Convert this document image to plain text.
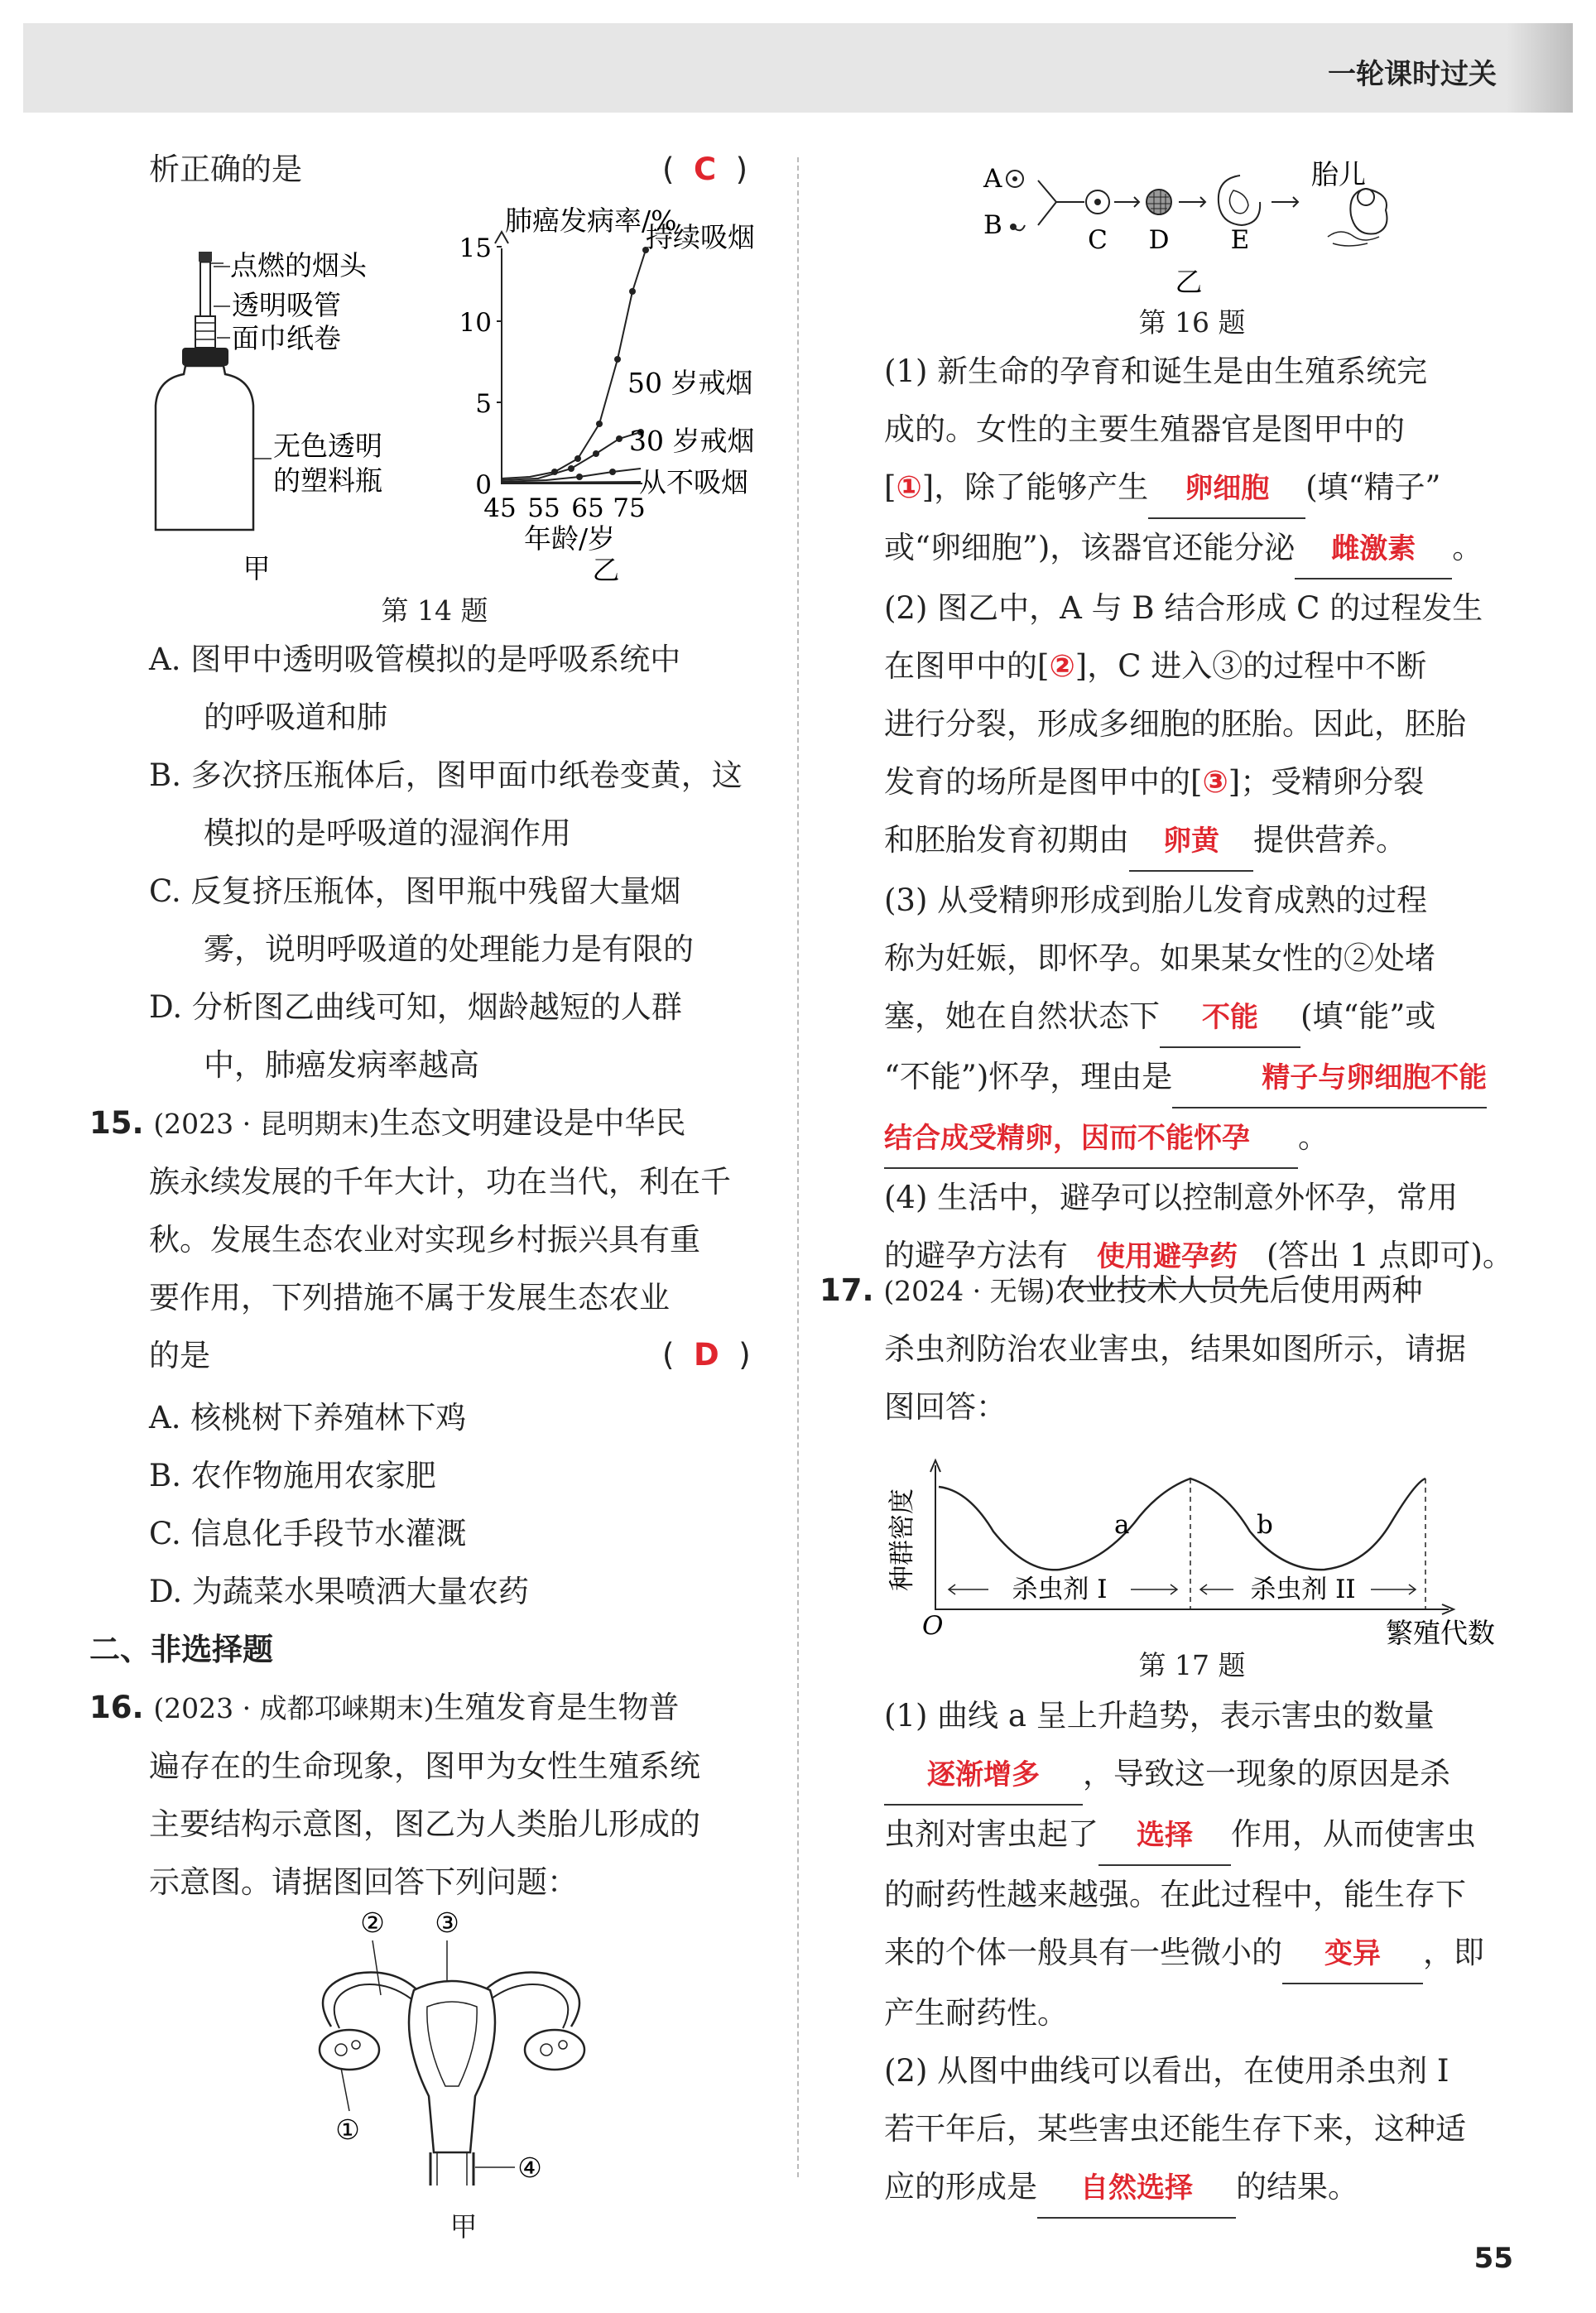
一轮课时过关
析正确的是	(  C  )
点燃的烟头
透明吸管
面巾纸卷
无色透明
的塑料瓶
甲
肺癌发病率/%
15
10
5
0
45 55 65 75
年龄/岁
乙
持续吸烟
50 岁戒烟
30 岁戒烟
从不吸烟
第 14 题
A. 图甲中透明吸管模拟的是呼吸系统中
的呼吸道和肺
B. 多次挤压瓶体后，图甲面巾纸卷变黄，这
模拟的是呼吸道的湿润作用
C. 反复挤压瓶体，图甲瓶中残留大量烟
雾，说明呼吸道的处理能力是有限的
D. 分析图乙曲线可知，烟龄越短的人群
中，肺癌发病率越高
15. (2023 · 昆明期末)生态文明建设是中华民
族永续发展的千年大计，功在当代，利在千
秋。发展生态农业对实现乡村振兴具有重
要作用，下列措施不属于发展生态农业
的是	(  D  )
A. 核桃树下养殖林下鸡
B. 农作物施用农家肥
C. 信息化手段节水灌溉
D. 为蔬菜水果喷洒大量农药
二、非选择题
16. (2023 · 成都邛崃期末)生殖发育是生物普
遍存在的生命现象，图甲为女性生殖系统
主要结构示意图，图乙为人类胎儿形成的
示意图。请据图回答下列问题：
② ③
①
④
甲
A
B
胎儿
C D E
乙
第 16 题
(1) 新生命的孕育和诞生是由生殖系统完
成的。女性的主要生殖器官是图甲中的
[①]，除了能够产生 卵细胞 (填“精子”
或“卵细胞”)，该器官还能分泌 雌激素 。
(2) 图乙中，A 与 B 结合形成 C 的过程发生
在图甲中的[②]，C 进入③的过程中不断
进行分裂，形成多细胞的胚胎。因此，胚胎
发育的场所是图甲中的[③]；受精卵分裂
和胚胎发育初期由 卵黄 提供营养。
(3) 从受精卵形成到胎儿发育成熟的过程
称为妊娠，即怀孕。如果某女性的②处堵
塞，她在自然状态下 不能 (填“能”或
“不能”)怀孕，理由是	精子与卵细胞不能
结合成受精卵，因而不能怀孕 。
(4) 生活中，避孕可以控制意外怀孕，常用
的避孕方法有 使用避孕药 (答出 1 点即可)。
17. (2024 · 无锡)农业技术人员先后使用两种
杀虫剂防治农业害虫，结果如图所示，请据
图回答：
种群密度
O	繁殖代数
a	b
杀虫剂 I	杀虫剂 II
第 17 题
(1) 曲线 a 呈上升趋势，表示害虫的数量
逐渐增多 ，导致这一现象的原因是杀
虫剂对害虫起了 选择 作用，从而使害虫
的耐药性越来越强。在此过程中，能生存下
来的个体一般具有一些微小的 变异 ，即
产生耐药性。
(2) 从图中曲线可以看出，在使用杀虫剂 I
若干年后，某些害虫还能生存下来，这种适
应的形成是 自然选择 的结果。
55
